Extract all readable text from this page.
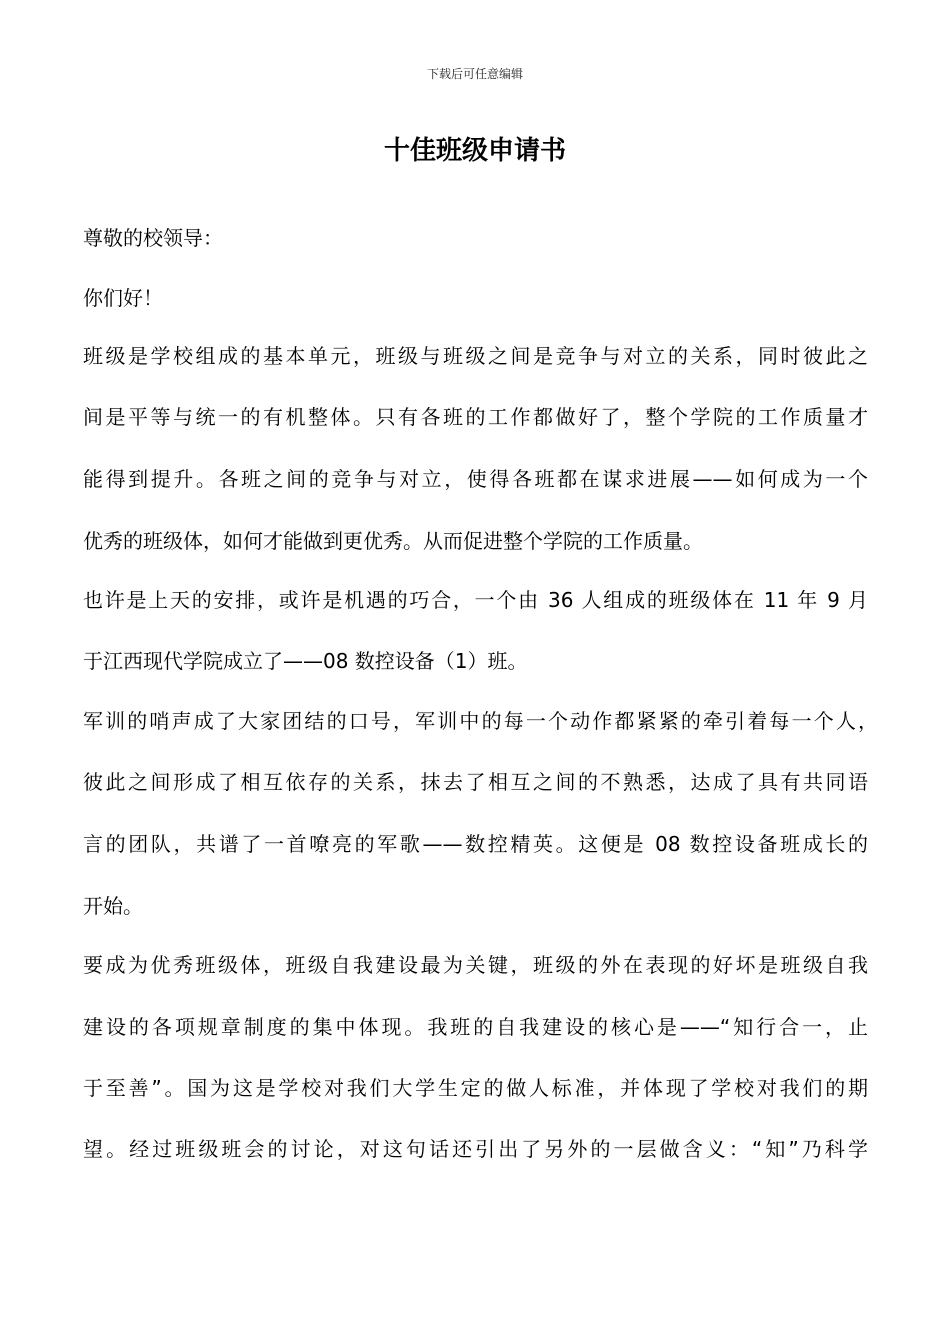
下载后可任意编辑
十佳班级申请书
尊敬的校领导：
你们好！
班级是学校组成的基本单元，班级与班级之间是竞争与对立的关系，同时彼此之
间是平等与统一的有机整体。只有各班的工作都做好了，整个学院的工作质量才
能得到提升。各班之间的竞争与对立，使得各班都在谋求进展——如何成为一个
优秀的班级体，如何才能做到更优秀。从而促进整个学院的工作质量。
也许是上天的安排，或许是机遇的巧合，一个由 36 人组成的班级体在 11 年 9 月
于江西现代学院成立了——08 数控设备（1）班。
军训的哨声成了大家团结的口号，军训中的每一个动作都紧紧的牵引着每一个人，
彼此之间形成了相互依存的关系，抹去了相互之间的不熟悉，达成了具有共同语
言的团队，共谱了一首嘹亮的军歌——数控精英。这便是 08 数控设备班成长的
开始。
要成为优秀班级体，班级自我建设最为关键，班级的外在表现的好坏是班级自我
建设的各项规章制度的集中体现。我班的自我建设的核心是——“知行合一，止
于至善”。国为这是学校对我们大学生定的做人标准，并体现了学校对我们的期
望。经过班级班会的讨论，对这句话还引出了另外的一层做含义：“知”乃科学
